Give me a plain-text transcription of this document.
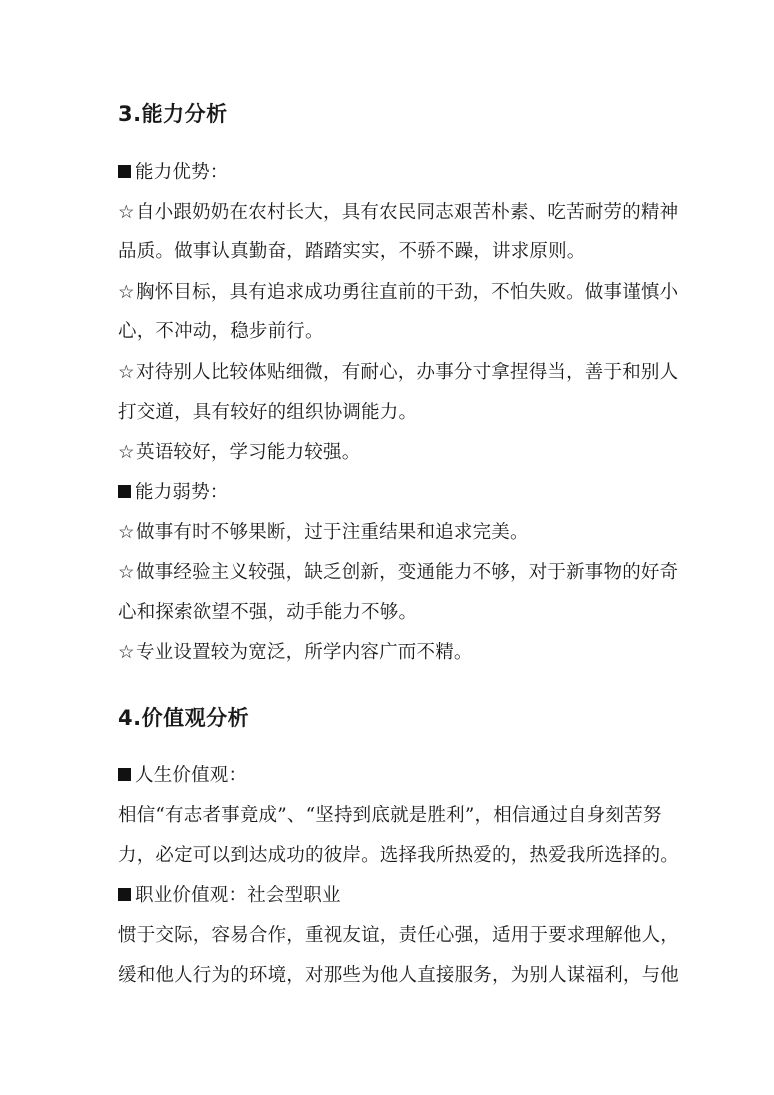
3.能力分析
能力优势：
☆自小跟奶奶在农村长大，具有农民同志艰苦朴素、吃苦耐劳的精神
品质。做事认真勤奋，踏踏实实，不骄不躁，讲求原则。
☆胸怀目标，具有追求成功勇往直前的干劲，不怕失败。做事谨慎小
心，不冲动，稳步前行。
☆对待别人比较体贴细微，有耐心，办事分寸拿捏得当，善于和别人
打交道，具有较好的组织协调能力。
☆英语较好，学习能力较强。
能力弱势：
☆做事有时不够果断，过于注重结果和追求完美。
☆做事经验主义较强，缺乏创新，变通能力不够，对于新事物的好奇
心和探索欲望不强，动手能力不够。
☆专业设置较为宽泛，所学内容广而不精。
4.价值观分析
人生价值观：
相信“有志者事竟成”、“坚持到底就是胜利”，相信通过自身刻苦努
力，必定可以到达成功的彼岸。选择我所热爱的，热爱我所选择的。
职业价值观：社会型职业
惯于交际，容易合作，重视友谊，责任心强，适用于要求理解他人，
缓和他人行为的环境，对那些为他人直接服务，为别人谋福利，与他
